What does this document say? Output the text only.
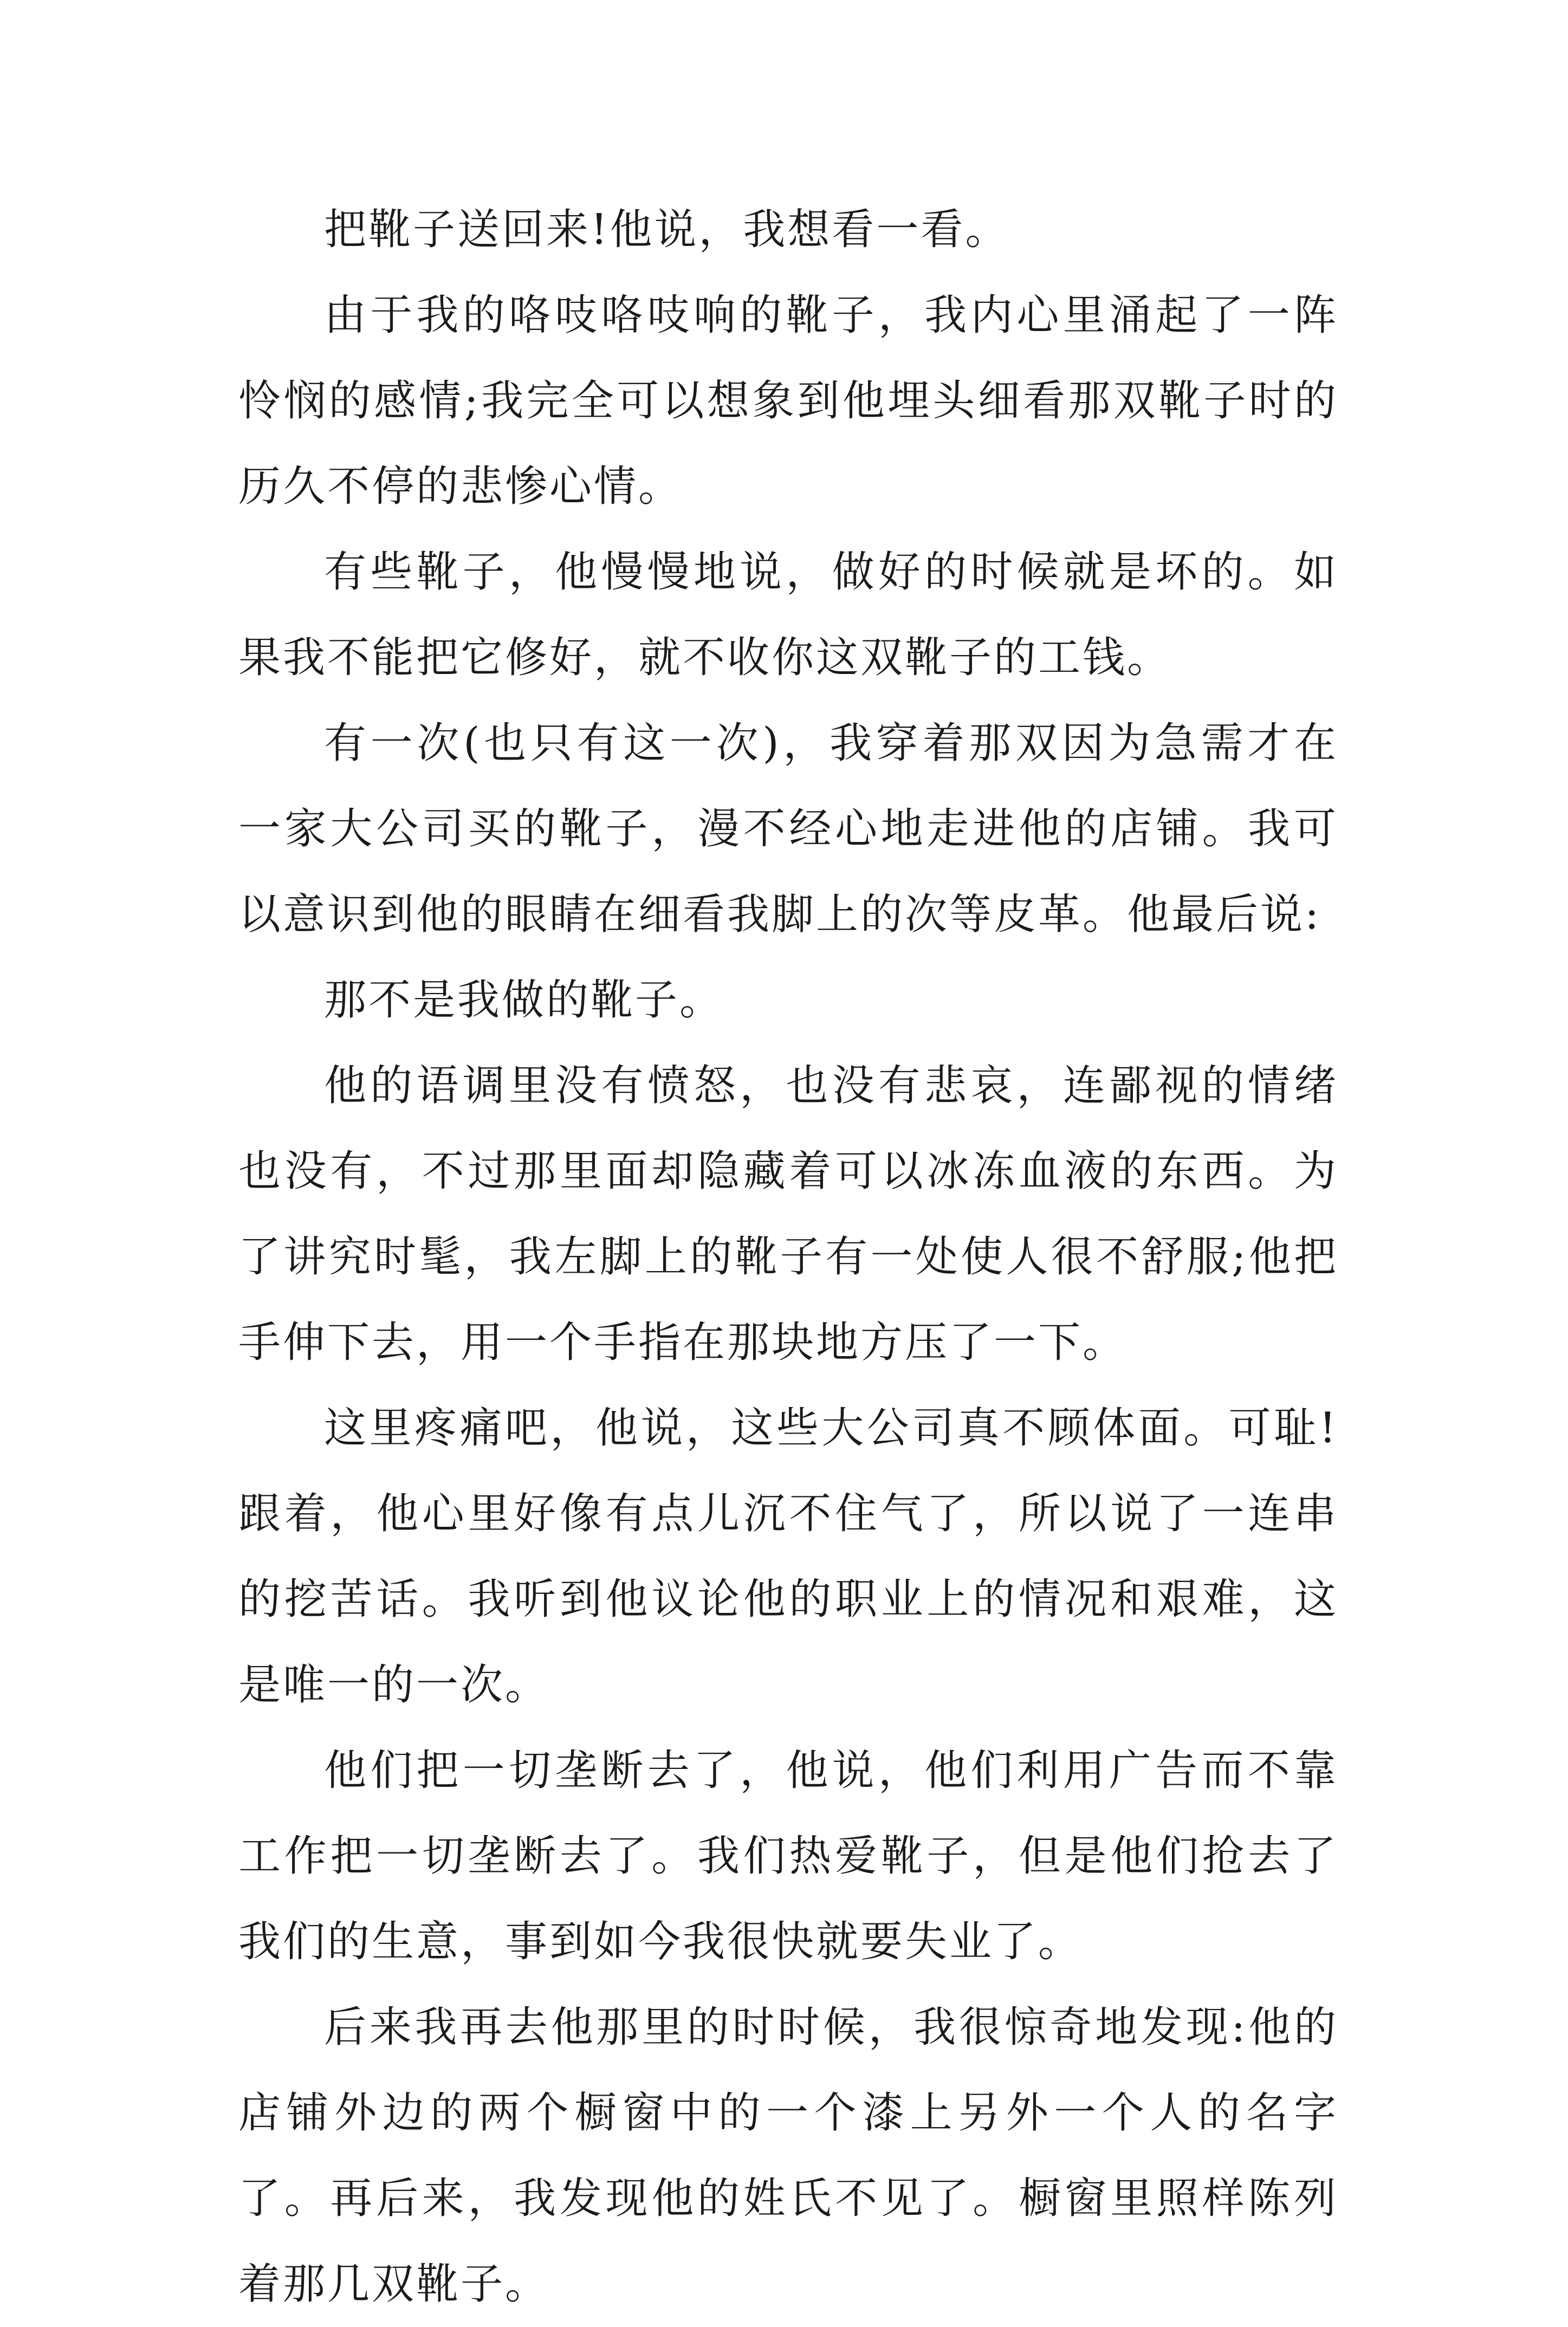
把靴子送回来!他说，我想看一看。

由于我的咯吱咯吱响的靴子，我内心里涌起了一阵怜悯的感情;我完全可以想象到他埋头细看那双靴子时的历久不停的悲惨心情。

有些靴子，他慢慢地说，做好的时候就是坏的。如果我不能把它修好，就不收你这双靴子的工钱。

有一次(也只有这一次)，我穿着那双因为急需才在一家大公司买的靴子，漫不经心地走进他的店铺。我可以意识到他的眼睛在细看我脚上的次等皮革。他最后说:

那不是我做的靴子。

他的语调里没有愤怒，也没有悲哀，连鄙视的情绪也没有，不过那里面却隐藏着可以冰冻血液的东西。为了讲究时髦，我左脚上的靴子有一处使人很不舒服;他把手伸下去，用一个手指在那块地方压了一下。

这里疼痛吧，他说，这些大公司真不顾体面。可耻!跟着，他心里好像有点儿沉不住气了，所以说了一连串的挖苦话。我听到他议论他的职业上的情况和艰难，这是唯一的一次。

他们把一切垄断去了，他说，他们利用广告而不靠工作把一切垄断去了。我们热爱靴子，但是他们抢去了我们的生意，事到如今我很快就要失业了。

后来我再去他那里的时时候，我很惊奇地发现:他的店铺外边的两个橱窗中的一个漆上另外一个人的名字了。再后来，我发现他的姓氏不见了。橱窗里照样陈列着那几双靴子。
